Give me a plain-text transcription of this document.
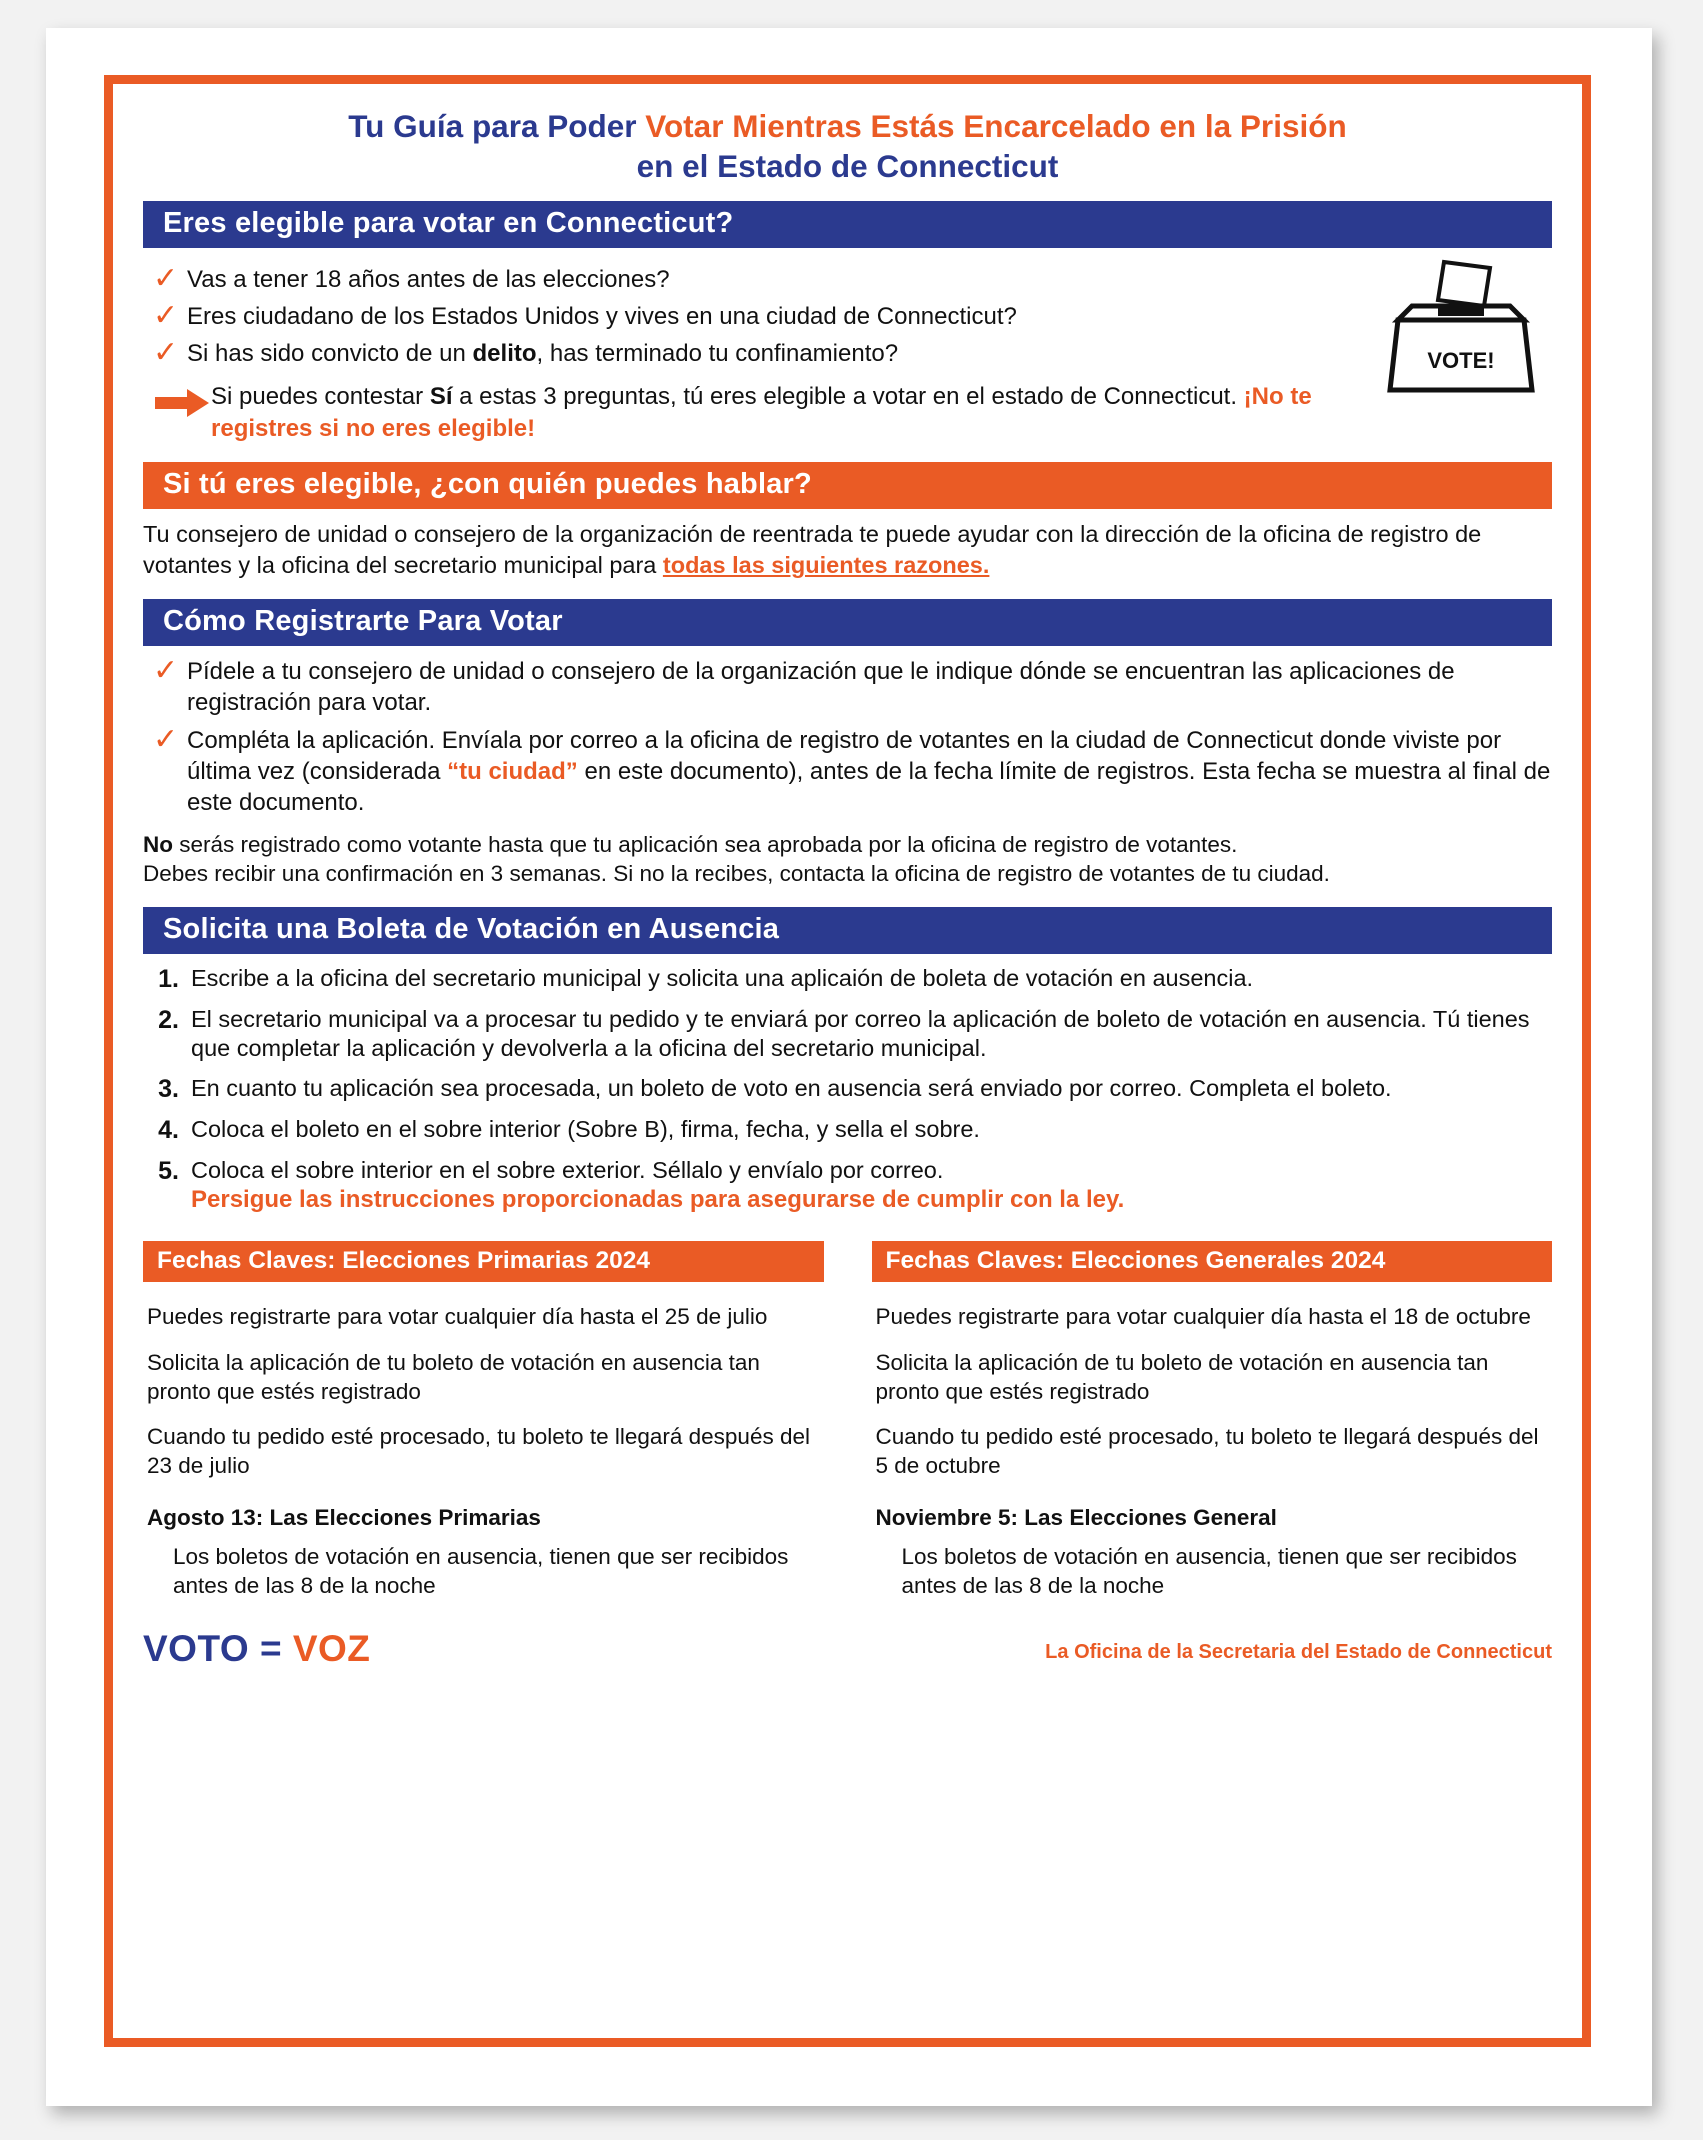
Tu Guía para Poder Votar Mientras Estás Encarcelado en la Prisión
en el Estado de Connecticut
Eres elegible para votar en Connecticut?
VOTE!
✓ Vas a tener 18 años antes de las elecciones?
✓ Eres ciudadano de los Estados Unidos y vives en una ciudad de Connecticut?
✓ Si has sido convicto de un delito, has terminado tu confinamiento?
Si puedes contestar Sí a estas 3 preguntas, tú eres elegible a votar en el estado de Connecticut. ¡No te registres si no eres elegible!
Si tú eres elegible, ¿con quién puedes hablar?
Tu consejero de unidad o consejero de la organización de reentrada te puede ayudar con la dirección de la oficina de registro de votantes y la oficina del secretario municipal para todas las siguientes razones.
Cómo Registrarte Para Votar
✓ Pídele a tu consejero de unidad o consejero de la organización que le indique dónde se encuentran las aplicaciones de registración para votar.
✓ Compléta la aplicación. Envíala por correo a la oficina de registro de votantes en la ciudad de Connecticut donde viviste por última vez (considerada “tu ciudad” en este documento), antes de la fecha límite de registros. Esta fecha se muestra al final de este documento.
No serás registrado como votante hasta que tu aplicación sea aprobada por la oficina de registro de votantes.
Debes recibir una confirmación en 3 semanas. Si no la recibes, contacta la oficina de registro de votantes de tu ciudad.
Solicita una Boleta de Votación en Ausencia
1. Escribe a la oficina del secretario municipal y solicita una aplicaión de boleta de votación en ausencia.
2. El secretario municipal va a procesar tu pedido y te enviará por correo la aplicación de boleto de votación en ausencia. Tú tienes que completar la aplicación y devolverla a la oficina del secretario municipal.
3. En cuanto tu aplicación sea procesada, un boleto de voto en ausencia será enviado por correo. Completa el boleto.
4. Coloca el boleto en el sobre interior (Sobre B), firma, fecha, y sella el sobre.
5. Coloca el sobre interior en el sobre exterior. Séllalo y envíalo por correo.
Persigue las instrucciones proporcionadas para asegurarse de cumplir con la ley.
Fechas Claves: Elecciones Primarias 2024
Puedes registrarte para votar cualquier día hasta el 25 de julio
Solicita la aplicación de tu boleto de votación en ausencia tan pronto que estés registrado
Cuando tu pedido esté procesado, tu boleto te llegará después del 23 de julio
Agosto 13: Las Elecciones Primarias
Los boletos de votación en ausencia, tienen que ser recibidos antes de las 8 de la noche
Fechas Claves: Elecciones Generales 2024
Puedes registrarte para votar cualquier día hasta el 18 de octubre
Solicita la aplicación de tu boleto de votación en ausencia tan pronto que estés registrado
Cuando tu pedido esté procesado, tu boleto te llegará después del 5 de octubre
Noviembre 5: Las Elecciones General
Los boletos de votación en ausencia, tienen que ser recibidos antes de las 8 de la noche
VOTO = VOZ	La Oficina de la Secretaria del Estado de Connecticut
